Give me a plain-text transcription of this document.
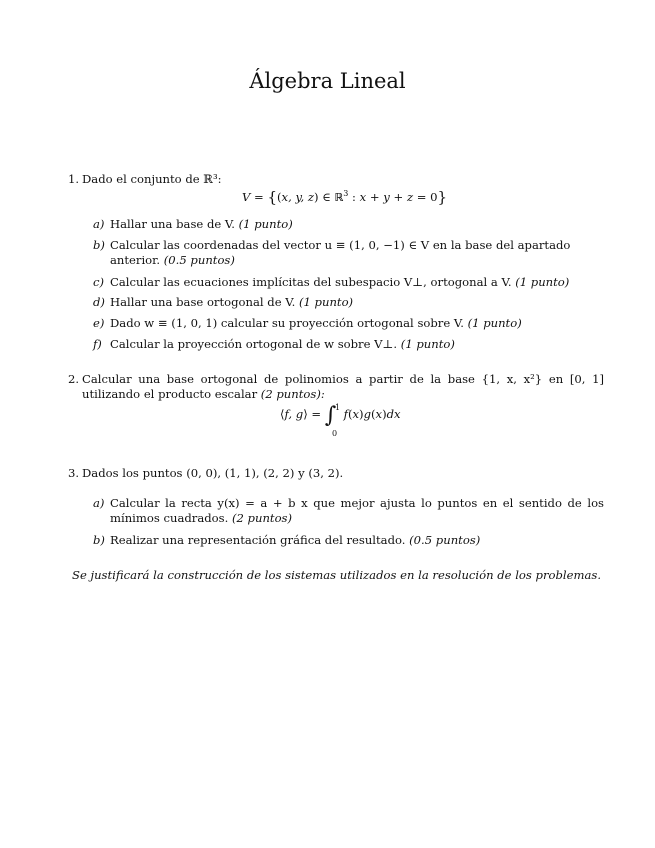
Álgebra Lineal
1. Dado el conjunto de ℝ³:
V = {(x, y, z) ∈ ℝ$^3$ : x + y + z = 0}
a) Hallar una base de V. (1 punto)
b) Calcular las coordenadas del vector u ≡ (1, 0, −1) ∈ V en la base del apartado anterior. (0.5 puntos)
c) Calcular las ecuaciones implícitas del subespacio V⊥, ortogonal a V. (1 punto)
d) Hallar una base ortogonal de V. (1 punto)
e) Dado w ≡ (1, 0, 1) calcular su proyección ortogonal sobre V. (1 punto)
f) Calcular la proyección ortogonal de w sobre V⊥. (1 punto)
2. Calcular una base ortogonal de polinomios a partir de la base {1, x, x²} en [0, 1] utilizando el producto escalar (2 puntos):
⟨f, g⟩ = ∫
1
0
f(x)g(x)dx
3. Dados los puntos (0, 0), (1, 1), (2, 2) y (3, 2).
a) Calcular la recta y(x) = a + b x que mejor ajusta lo puntos en el sentido de los mínimos cuadrados. (2 puntos)
b) Realizar una representación gráfica del resultado. (0.5 puntos)
Se justificará la construcción de los sistemas utilizados en la resolución de los problemas.
